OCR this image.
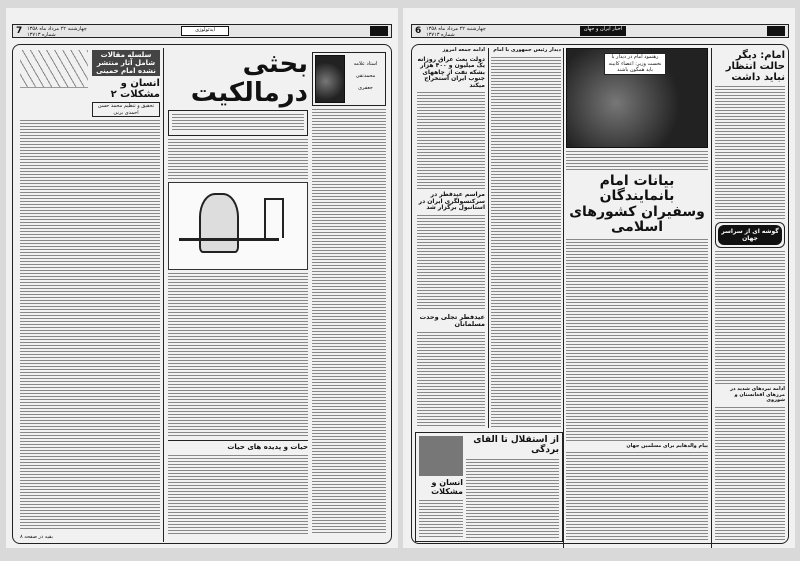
7 چهارشنبه ۲۲ مرداد ماه ۱۳۵۸
شماره ۱۳۷۱۳
ایدئولوژی
سلسله مقالات شامل آثار منتشر نشده امام خمینی
انسان و مشکلات ۲
تحقیق و تنظیم محمد حسن احمدی برنی
بقیه در صفحه ۸
بحثی درمالکیت
استاد علامه
محمدتقی
جعفری
حیات و پدیده های حیات
6 چهارشنبه ۲۲ مرداد ماه ۱۳۵۸
شماره ۱۳۷۱۳
اخبار ایران و جهان
ادامه جمعه امروز
دولت بعث عراق روزانه یک میلیون و ۴۰۰ هزار بشکه نفت از چاههای جنوب ایران استخراج میکند
مراسم عیدفطر در سرکنسولگری ایران در استانبول برگزار شد
عیدفطر تجلی وحدت مسلمانان
دیدار رئیس جمهوری با امام
رهنمود امام در دیدار با نخست وزیر: اعضاء کابینه باید همگون باشند
بیانات امام بانمایندگان
وسفیران کشورهای اسلامی
پیام والدهایم برای مسلمین جهان
امام: دیگر حالت انتظار نباید داشت
گوشه ای از سراسر جهان
ادامه نبردهای شدید در مرزهای افغانستان و شوروی
انسان و مشکلات
از استقلال تا القای بردگی
